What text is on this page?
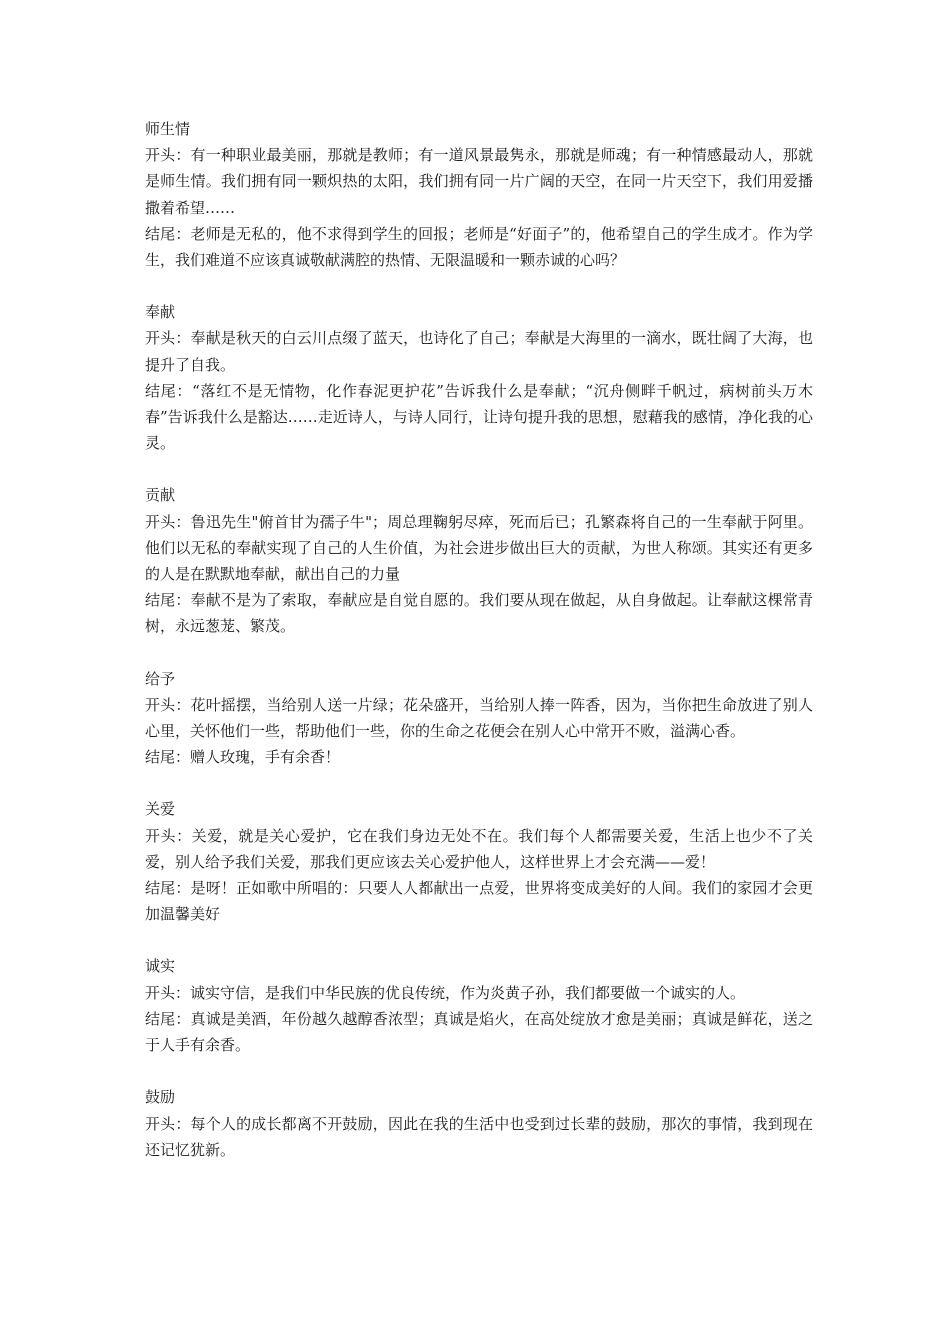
师生情

开头：有一种职业最美丽，那就是教师；有一道风景最隽永，那就是师魂；有一种情感最动人，那就是师生情。我们拥有同一颗炽热的太阳，我们拥有同一片广阔的天空，在同一片天空下，我们用爱播撒着希望……

结尾：老师是无私的，他不求得到学生的回报；老师是“好面子”的，他希望自己的学生成才。作为学生，我们难道不应该真诚敬献满腔的热情、无限温暖和一颗赤诚的心吗？

奉献

开头：奉献是秋天的白云川点缀了蓝天，也诗化了自己；奉献是大海里的一滴水，既壮阔了大海，也提升了自我。

结尾：“落红不是无情物，化作春泥更护花”告诉我什么是奉献；“沉舟侧畔千帆过，病树前头万木春”告诉我什么是豁达……走近诗人，与诗人同行，让诗句提升我的思想，慰藉我的感情，净化我的心灵。

贡献

开头：鲁迅先生"俯首甘为孺子牛"；周总理鞠躬尽瘁，死而后已；孔繁森将自己的一生奉献于阿里。他们以无私的奉献实现了自己的人生价值，为社会进步做出巨大的贡献，为世人称颂。其实还有更多的人是在默默地奉献，献出自己的力量

结尾：奉献不是为了索取，奉献应是自觉自愿的。我们要从现在做起，从自身做起。让奉献这棵常青树，永远葱茏、繁茂。

给予

开头：花叶摇摆，当给别人送一片绿；花朵盛开，当给别人捧一阵香，因为，当你把生命放进了别人心里，关怀他们一些，帮助他们一些，你的生命之花便会在别人心中常开不败，溢满心香。

结尾：赠人玫瑰，手有余香！

关爱

开头：关爱，就是关心爱护，它在我们身边无处不在。我们每个人都需要关爱，生活上也少不了关爱，别人给予我们关爱，那我们更应该去关心爱护他人，这样世界上才会充满——爱！

结尾：是呀！正如歌中所唱的：只要人人都献出一点爱，世界将变成美好的人间。我们的家园才会更加温馨美好

诚实

开头：诚实守信，是我们中华民族的优良传统，作为炎黄子孙，我们都要做一个诚实的人。

结尾：真诚是美酒，年份越久越醇香浓型；真诚是焰火，在高处绽放才愈是美丽；真诚是鲜花，送之于人手有余香。

鼓励

开头：每个人的成长都离不开鼓励，因此在我的生活中也受到过长辈的鼓励，那次的事情，我到现在还记忆犹新。
